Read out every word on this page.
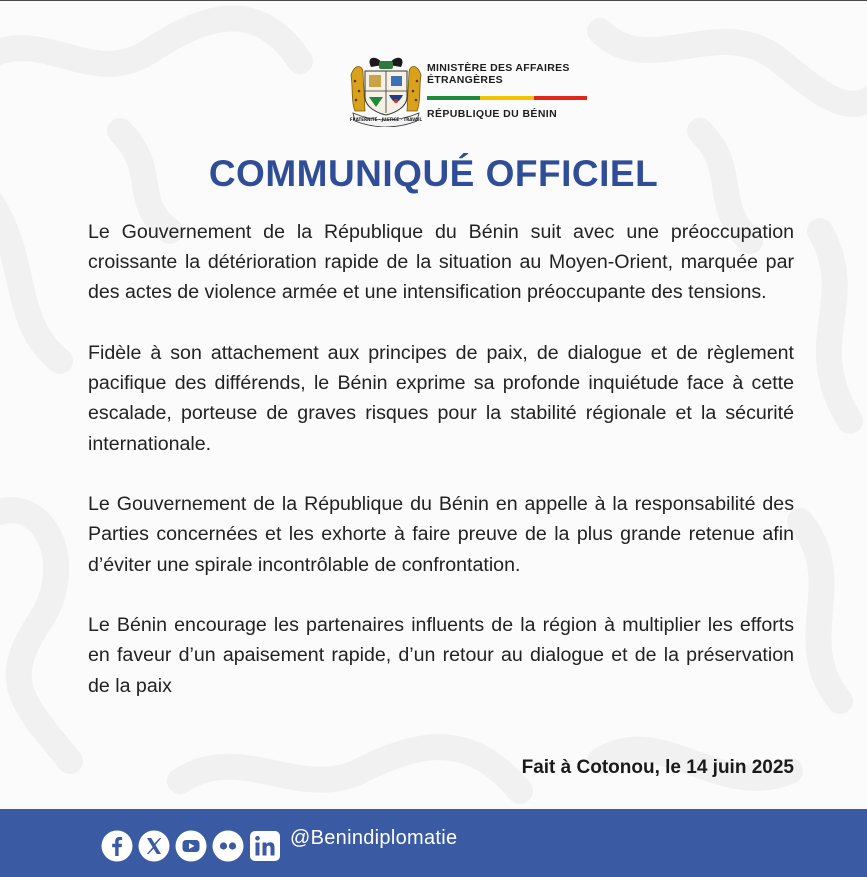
FRATERNITÉ · JUSTICE · TRAVAIL
MINISTÈRE DES AFFAIRES
ÉTRANGÈRES
RÉPUBLIQUE DU BÉNIN
COMMUNIQUÉ OFFICIEL

Le Gouvernement de la République du Bénin suit avec une préoccupation croissante la détérioration rapide de la situation au Moyen-Orient, marquée par des actes de violence armée et une intensification préoccupante des tensions.

Fidèle à son attachement aux principes de paix, de dialogue et de règlement pacifique des différends, le Bénin exprime sa profonde inquiétude face à cette escalade, porteuse de graves risques pour la stabilité régionale et la sécurité internationale.

Le Gouvernement de la République du Bénin en appelle à la responsabilité des Parties concernées et les exhorte à faire preuve de la plus grande retenue afin d’éviter une spirale incontrôlable de confrontation.

Le Bénin encourage les partenaires influents de la région à multiplier les efforts en faveur d’un apaisement rapide, d’un retour au dialogue et de la préservation de la paix

Fait à Cotonou, le 14 juin 2025
@Benindiplomatie
